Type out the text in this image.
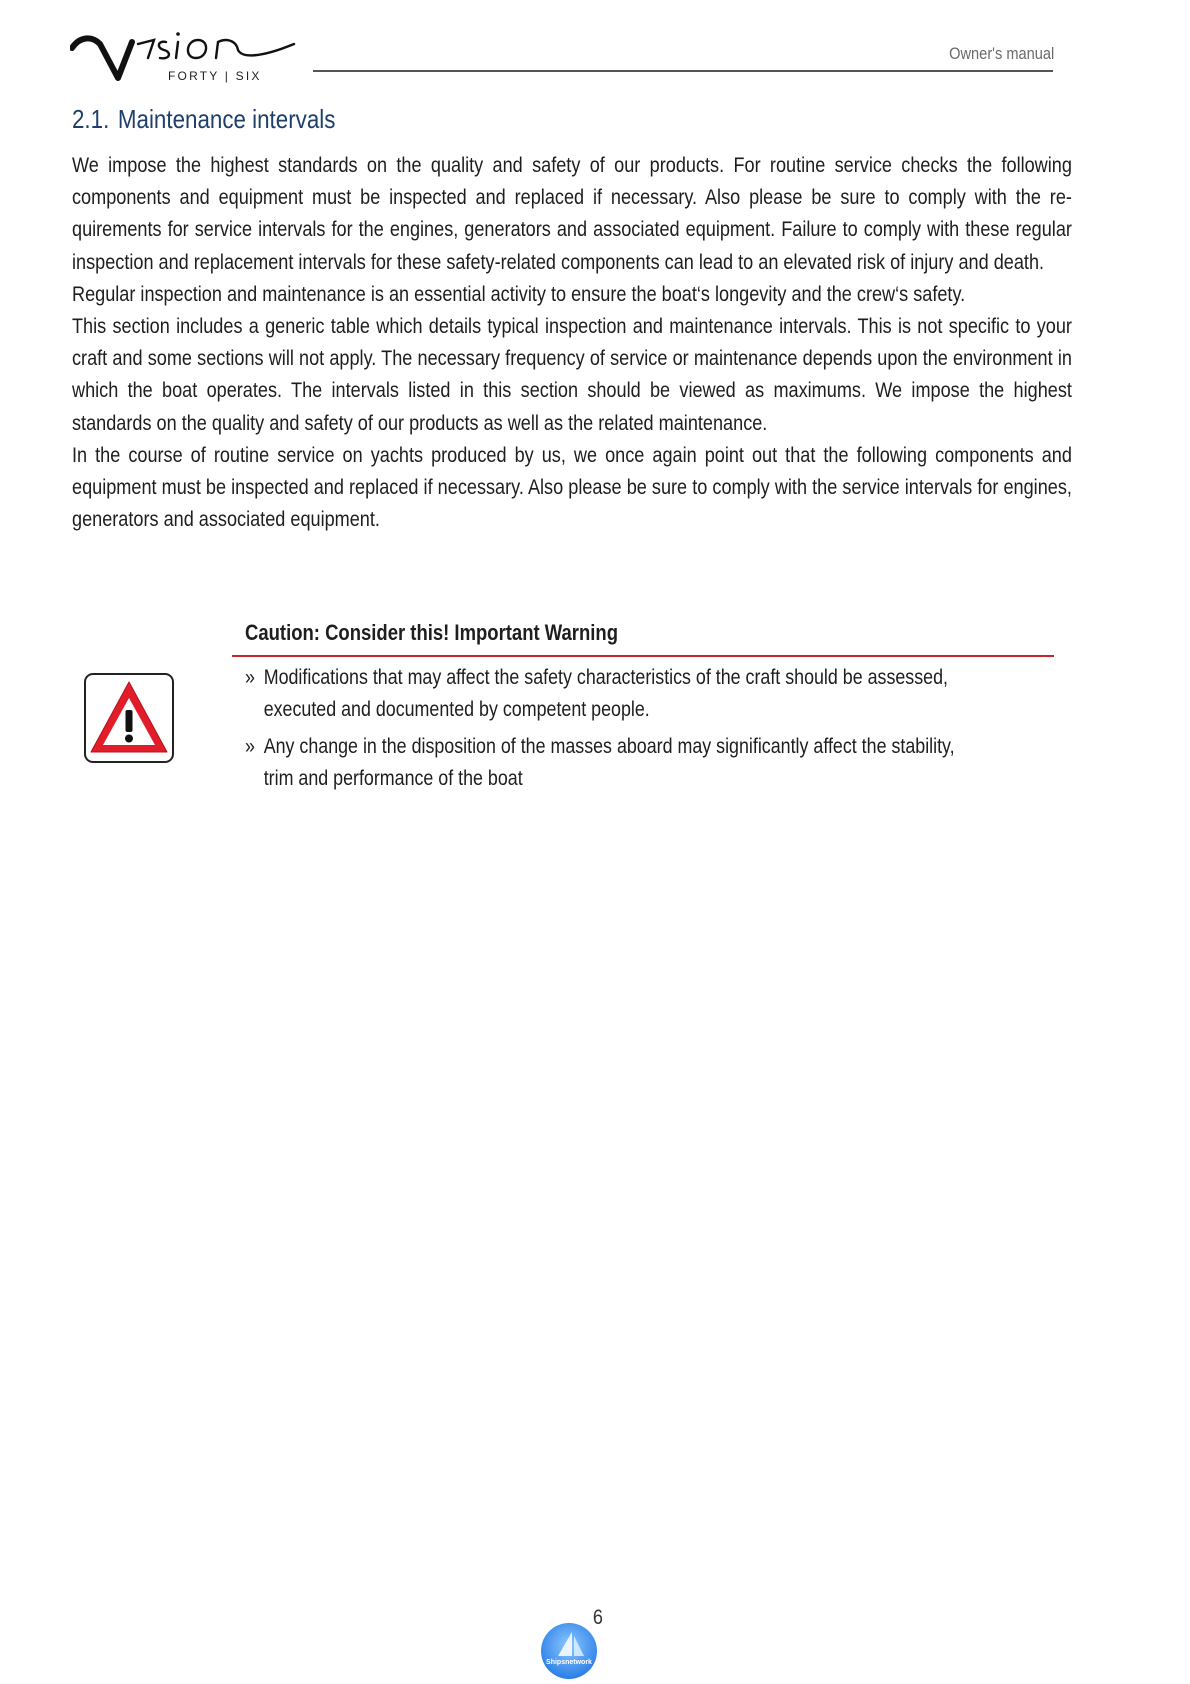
FORTY | SIX
Owner's manual
2.1. Maintenance intervals

We impose the highest standards on the quality and safety of our products. For routine service checks the following components and equipment must be inspected and replaced if necessary. Also please be sure to comply with the re-quirements for service intervals for the engines, generators and associated equipment. Failure to comply with these regular inspection and replacement intervals for these safety-related components can lead to an elevated risk of injury and death.

Regular inspection and maintenance is an essential activity to ensure the boat‘s longevity and the crew‘s safety.

This section includes a generic table which details typical inspection and maintenance intervals. This is not specific to your craft and some sections will not apply. The necessary frequency of service or maintenance depends upon the environment in which the boat operates. The intervals listed in this section should be viewed as maximums. We impose the highest standards on the quality and safety of our products as well as the related maintenance.

In the course of routine service on yachts produced by us, we once again point out that the following components and equipment must be inspected and replaced if necessary. Also please be sure to comply with the service intervals for engines, generators and associated equipment.

Caution: Consider this! Important Warning
» Modifications that may affect the safety characteristics of the craft should be assessed, executed and documented by competent people.
» Any change in the disposition of the masses aboard may significantly affect the stability, trim and performance of the boat
6
Shipsnetwork
